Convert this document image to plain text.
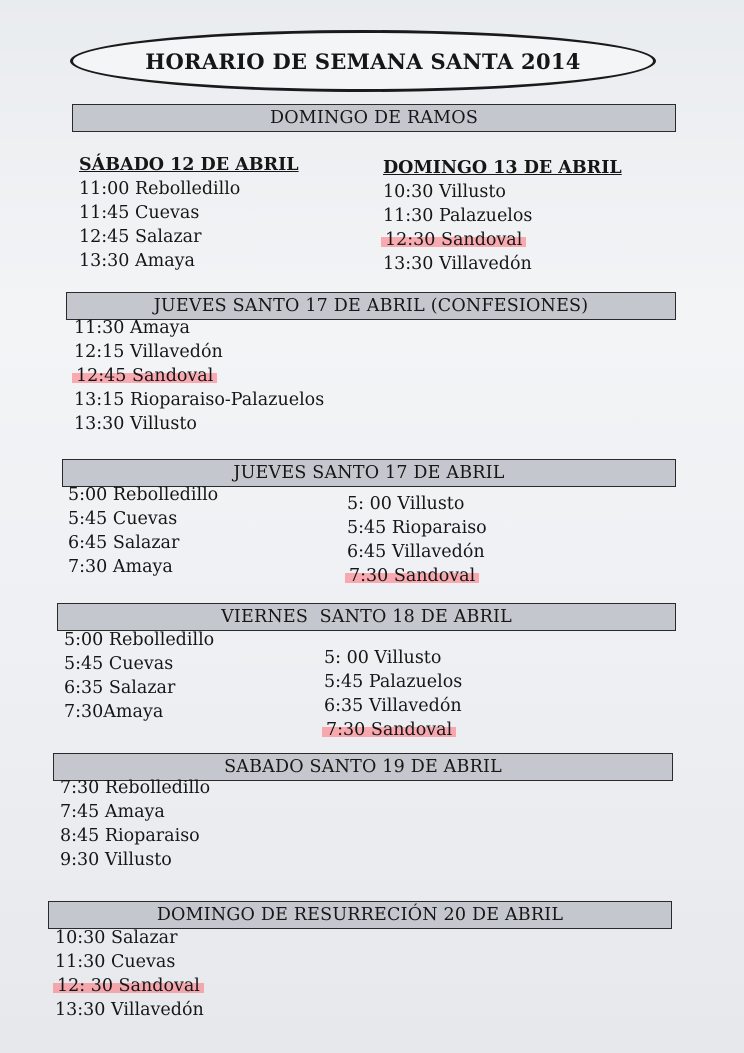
HORARIO DE SEMANA SANTA 2014
DOMINGO DE RAMOS
SÁBADO 12 DE ABRIL
11:00 Rebolledillo
11:45 Cuevas
12:45 Salazar
13:30 Amaya
DOMINGO 13 DE ABRIL
10:30 Villusto
11:30 Palazuelos
12:30 Sandoval
13:30 Villavedón
JUEVES SANTO 17 DE ABRIL (CONFESIONES)
11:30 Amaya
12:15 Villavedón
12:45 Sandoval
13:15 Rioparaiso-Palazuelos
13:30 Villusto
JUEVES SANTO 17 DE ABRIL
5:00 Rebolledillo
5:45 Cuevas
6:45 Salazar
7:30 Amaya
5: 00 Villusto
5:45 Rioparaiso
6:45 Villavedón
7:30 Sandoval
VIERNES  SANTO 18 DE ABRIL
5:00 Rebolledillo
5:45 Cuevas
6:35 Salazar
7:30Amaya
5: 00 Villusto
5:45 Palazuelos
6:35 Villavedón
7:30 Sandoval
SABADO SANTO 19 DE ABRIL
7:30 Rebolledillo
7:45 Amaya
8:45 Rioparaiso
9:30 Villusto
DOMINGO DE RESURRECIÓN 20 DE ABRIL
10:30 Salazar
11:30 Cuevas
12: 30 Sandoval
13:30 Villavedón
